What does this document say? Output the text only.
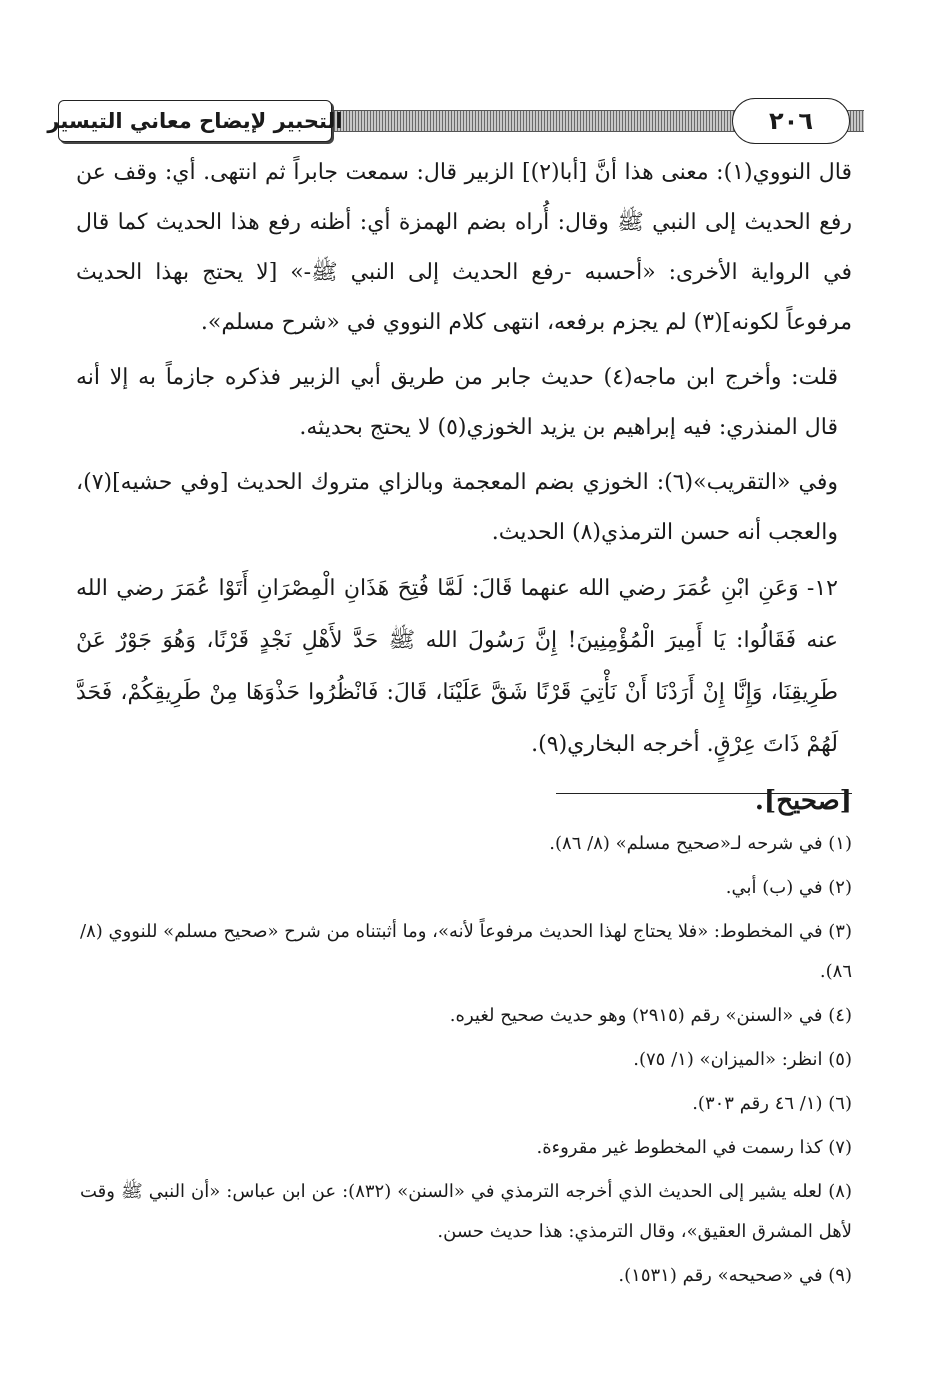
التحبير لإيضاح معاني التيسير	٢٠٦

قال النووي(١): معنى هذا أنَّ [أبا(٢)] الزبير قال: سمعت جابراً ثم انتهى. أي: وقف عن رفع الحديث إلى النبي ﷺ وقال: أُراه بضم الهمزة أي: أظنه رفع هذا الحديث كما قال في الرواية الأخرى: «أحسبه -رفع الحديث إلى النبي ﷺ-» [لا يحتج بهذا الحديث مرفوعاً لكونه](٣) لم يجزم برفعه، انتهى كلام النووي في «شرح مسلم».

قلت: وأخرج ابن ماجه(٤) حديث جابر من طريق أبي الزبير فذكره جازماً به إلا أنه قال المنذري: فيه إبراهيم بن يزيد الخوزي(٥) لا يحتج بحديثه.

وفي «التقريب»(٦): الخوزي بضم المعجمة وبالزاي متروك الحديث [وفي حشيه](٧)، والعجب أنه حسن الترمذي(٨) الحديث.

١٢- وَعَنِ ابْنِ عُمَرَ رضي الله عنهما قَالَ: لَمَّا فُتِحَ هَذَانِ الْمِصْرَانِ أَتَوْا عُمَرَ رضي الله عنه فَقَالُوا: يَا أَمِيرَ الْمُؤْمِنِينَ! إِنَّ رَسُولَ الله ﷺ حَدَّ لأَهْلِ نَجْدٍ قَرْنًا، وَهُوَ جَوْرٌ عَنْ طَرِيقِنَا، وَإِنَّا إِنْ أَرَدْنَا أَنْ نَأْتِيَ قَرْنًا شَقَّ عَلَيْنَا، قَالَ: فَانْظُرُوا حَذْوَهَا مِنْ طَرِيقِكُمْ، فَحَدَّ لَهُمْ ذَاتَ عِرْقٍ. أخرجه البخاري(٩).

[صحيح].

(١) في شرحه لـ«صحيح مسلم» (٨/ ٨٦).

(٢) في (ب) أبي.

(٣) في المخطوط: «فلا يحتاج لهذا الحديث مرفوعاً لأنه»، وما أثبتناه من شرح «صحيح مسلم» للنووي (٨/ ٨٦).

(٤) في «السنن» رقم (٢٩١٥) وهو حديث صحيح لغيره.

(٥) انظر: «الميزان» (١/ ٧٥).

(٦) (١/ ٤٦ رقم ٣٠٣).

(٧) كذا رسمت في المخطوط غير مقروءة.

(٨) لعله يشير إلى الحديث الذي أخرجه الترمذي في «السنن» (٨٣٢): عن ابن عباس: «أن النبي ﷺ وقت لأهل المشرق العقيق»، وقال الترمذي: هذا حديث حسن.

(٩) في «صحيحه» رقم (١٥٣١).
